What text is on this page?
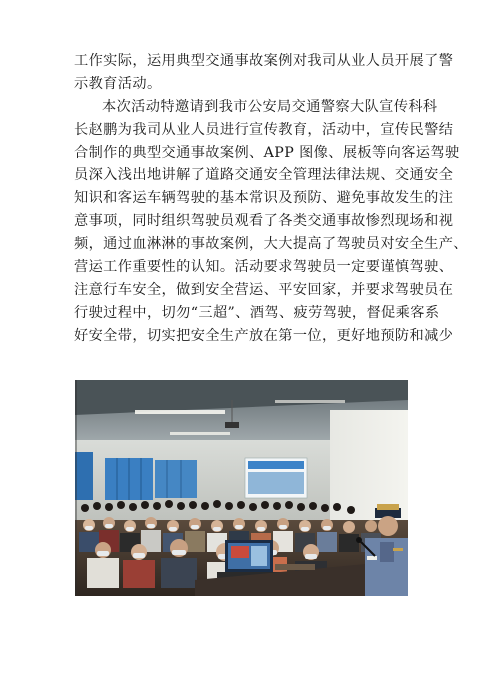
工作实际，运用典型交通事故案例对我司从业人员开展了警
示教育活动。
本次活动特邀请到我市公安局交通警察大队宣传科科
长赵鹏为我司从业人员进行宣传教育，活动中，宣传民警结
合制作的典型交通事故案例、APP 图像、展板等向客运驾驶
员深入浅出地讲解了道路交通安全管理法律法规、交通安全
知识和客运车辆驾驶的基本常识及预防、避免事故发生的注
意事项，同时组织驾驶员观看了各类交通事故惨烈现场和视
频，通过血淋淋的事故案例，大大提高了驾驶员对安全生产、
营运工作重要性的认知。活动要求驾驶员一定要谨慎驾驶、
注意行车安全，做到安全营运、平安回家，并要求驾驶员在
行驶过程中，切勿“三超”、酒驾、疲劳驾驶，督促乘客系
好安全带，切实把安全生产放在第一位，更好地预防和减少
